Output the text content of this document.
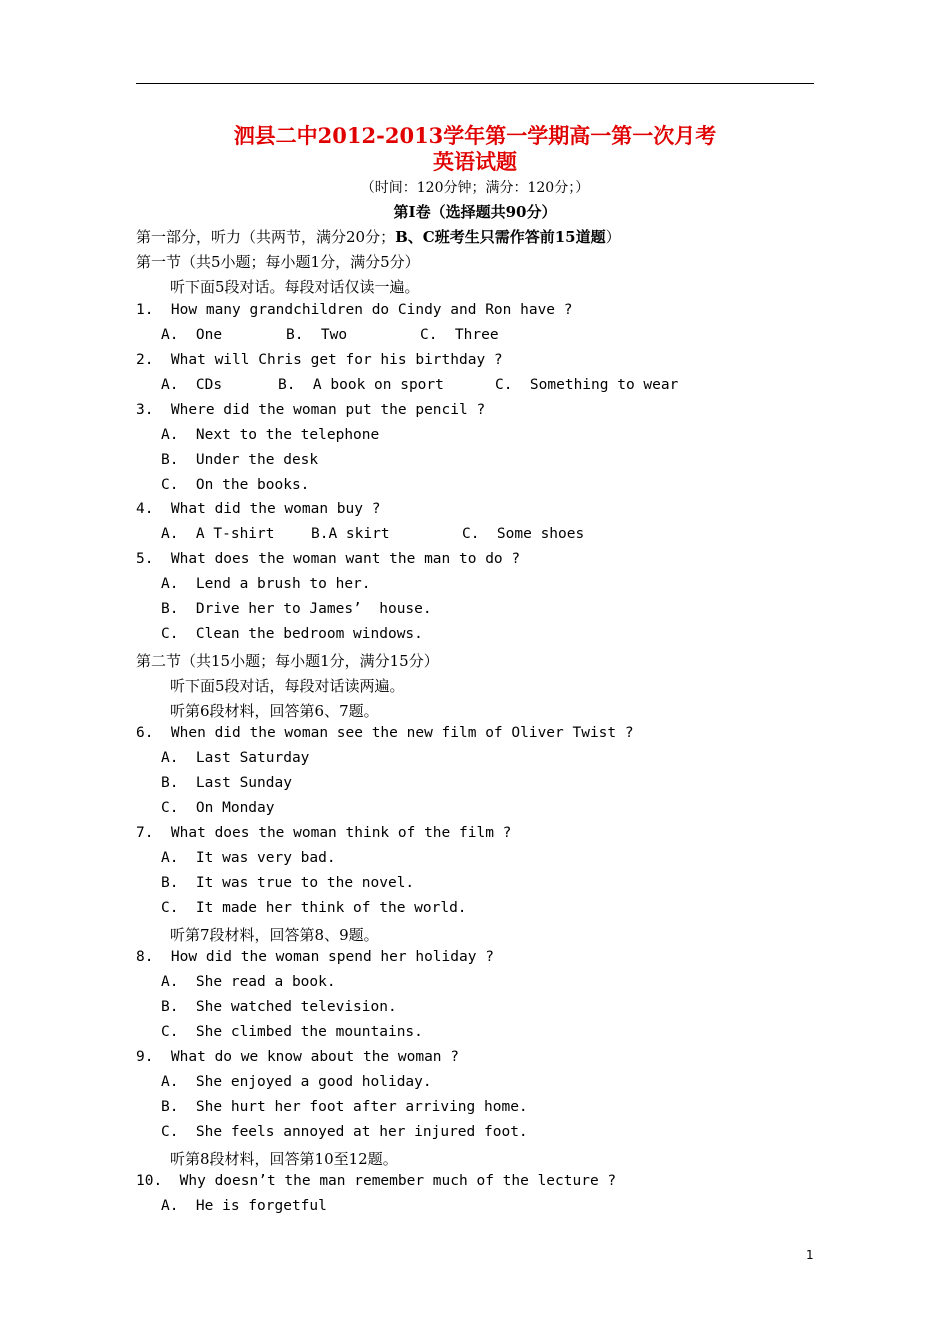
泗县二中2012-2013学年第一学期高一第一次月考
英语试题
（时间：120分钟；满分：120分；）
第Ⅰ卷（选择题共90分）
第一部分，听力（共两节，满分20分；B、C班考生只需作答前15道题）
第一节（共5小题；每小题1分，满分5分）
听下面5段对话。每段对话仅读一遍。
1.  How many grandchildren do Cindy and Ron have ?
A.  One	B.  Two	C.  Three
2.  What will Chris get for his birthday ?
A.  CDs	B.  A book on sport	C.  Something to wear
3.  Where did the woman put the pencil ?
A.  Next to the telephone
B.  Under the desk
C.  On the books.
4.  What did the woman buy ?
A.  A T-shirt	B.A skirt	C.  Some shoes
5.  What does the woman want the man to do ?
A.  Lend a brush to her.
B.  Drive her to James’  house.
C.  Clean the bedroom windows.
第二节（共15小题；每小题1分，满分15分）
听下面5段对话，每段对话读两遍。
听第6段材料，回答第6、7题。
6.  When did the woman see the new film of Oliver Twist ?
A.  Last Saturday
B.  Last Sunday
C.  On Monday
7.  What does the woman think of the film ?
A.  It was very bad.
B.  It was true to the novel.
C.  It made her think of the world.
听第7段材料，回答第8、9题。
8.  How did the woman spend her holiday ?
A.  She read a book.
B.  She watched television.
C.  She climbed the mountains.
9.  What do we know about the woman ?
A.  She enjoyed a good holiday.
B.  She hurt her foot after arriving home.
C.  She feels annoyed at her injured foot.
听第8段材料，回答第10至12题。
10.  Why doesn’t the man remember much of the lecture ?
A.  He is forgetful
1
